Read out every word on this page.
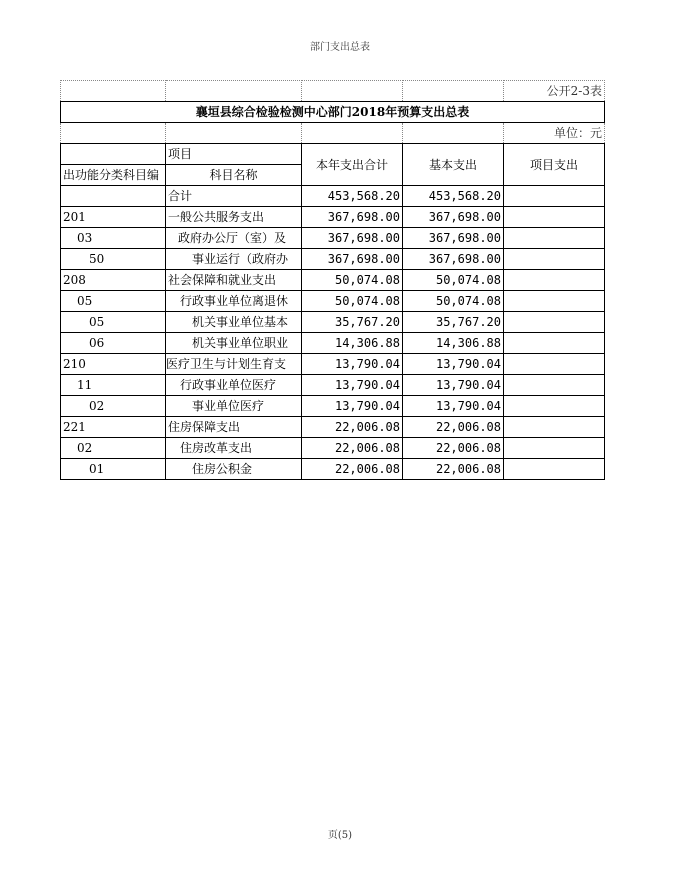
部门支出总表
				公开2-3表
襄垣县综合检验检测中心部门2018年预算支出总表				
				单位：元
	项目	本年支出合计	基本支出	项目支出
出功能分类科目编	科目名称			
	合计	453,568.20	453,568.20	
201	一般公共服务支出	367,698.00	367,698.00	
03	政府办公厅（室）及	367,698.00	367,698.00	
50	事业运行（政府办	367,698.00	367,698.00	
208	社会保障和就业支出	50,074.08	50,074.08	
05	行政事业单位离退休	50,074.08	50,074.08	
05	机关事业单位基本	35,767.20	35,767.20	
06	机关事业单位职业	14,306.88	14,306.88	
210	医疗卫生与计划生育支	13,790.04	13,790.04	
11	行政事业单位医疗	13,790.04	13,790.04	
02	事业单位医疗	13,790.04	13,790.04	
221	住房保障支出	22,006.08	22,006.08	
02	住房改革支出	22,006.08	22,006.08	
01	住房公积金	22,006.08	22,006.08	
页(5)
